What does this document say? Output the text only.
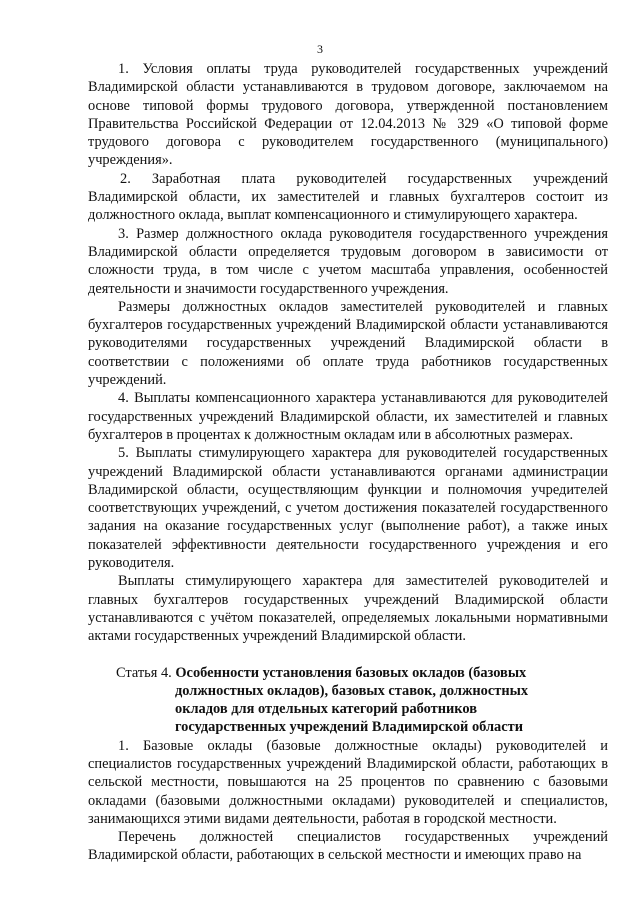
3

1. Условия оплаты труда руководителей государственных учреждений Владимирской области устанавливаются в трудовом договоре, заключаемом на основе типовой формы трудового договора, утвержденной постановлением Правительства Российской Федерации от 12.04.2013 № 329 «О типовой форме трудового договора с руководителем государственного (муниципального) учреждения».

2. Заработная плата руководителей государственных учреждений Владимирской области, их заместителей и главных бухгалтеров состоит из должностного оклада, выплат компенсационного и стимулирующего характера.

3. Размер должностного оклада руководителя государственного учреждения Владимирской области определяется трудовым договором в зависимости от сложности труда, в том числе с учетом масштаба управления, особенностей деятельности и значимости государственного учреждения.

Размеры должностных окладов заместителей руководителей и главных бухгалтеров государственных учреждений Владимирской области устанавливаются руководителями государственных учреждений Владимирской области в соответствии с положениями об оплате труда работников государственных учреждений.

4. Выплаты компенсационного характера устанавливаются для руководителей государственных учреждений Владимирской области, их заместителей и главных бухгалтеров в процентах к должностным окладам или в абсолютных размерах.

5. Выплаты стимулирующего характера для руководителей государственных учреждений Владимирской области устанавливаются органами администрации Владимирской области, осуществляющим функции и полномочия учредителей соответствующих учреждений, с учетом достижения показателей государственного задания на оказание государственных услуг (выполнение работ), а также иных показателей эффективности деятельности государственного учреждения и его руководителя.

Выплаты стимулирующего характера для заместителей руководителей и главных бухгалтеров государственных учреждений Владимирской области устанавливаются с учётом показателей, определяемых локальными нормативными актами государственных учреждений Владимирской области.

Статья 4. Особенности установления базовых окладов (базовых
должностных окладов), базовых ставок, должностных
окладов для отдельных категорий работников
государственных учреждений Владимирской области

1. Базовые оклады (базовые должностные оклады) руководителей и специалистов государственных учреждений Владимирской области, работающих в сельской местности, повышаются на 25 процентов по сравнению с базовыми окладами (базовыми должностными окладами) руководителей и специалистов, занимающихся этими видами деятельности, работая в городской местности.

Перечень должностей специалистов государственных учреждений Владимирской области, работающих в сельской местности и имеющих право на
